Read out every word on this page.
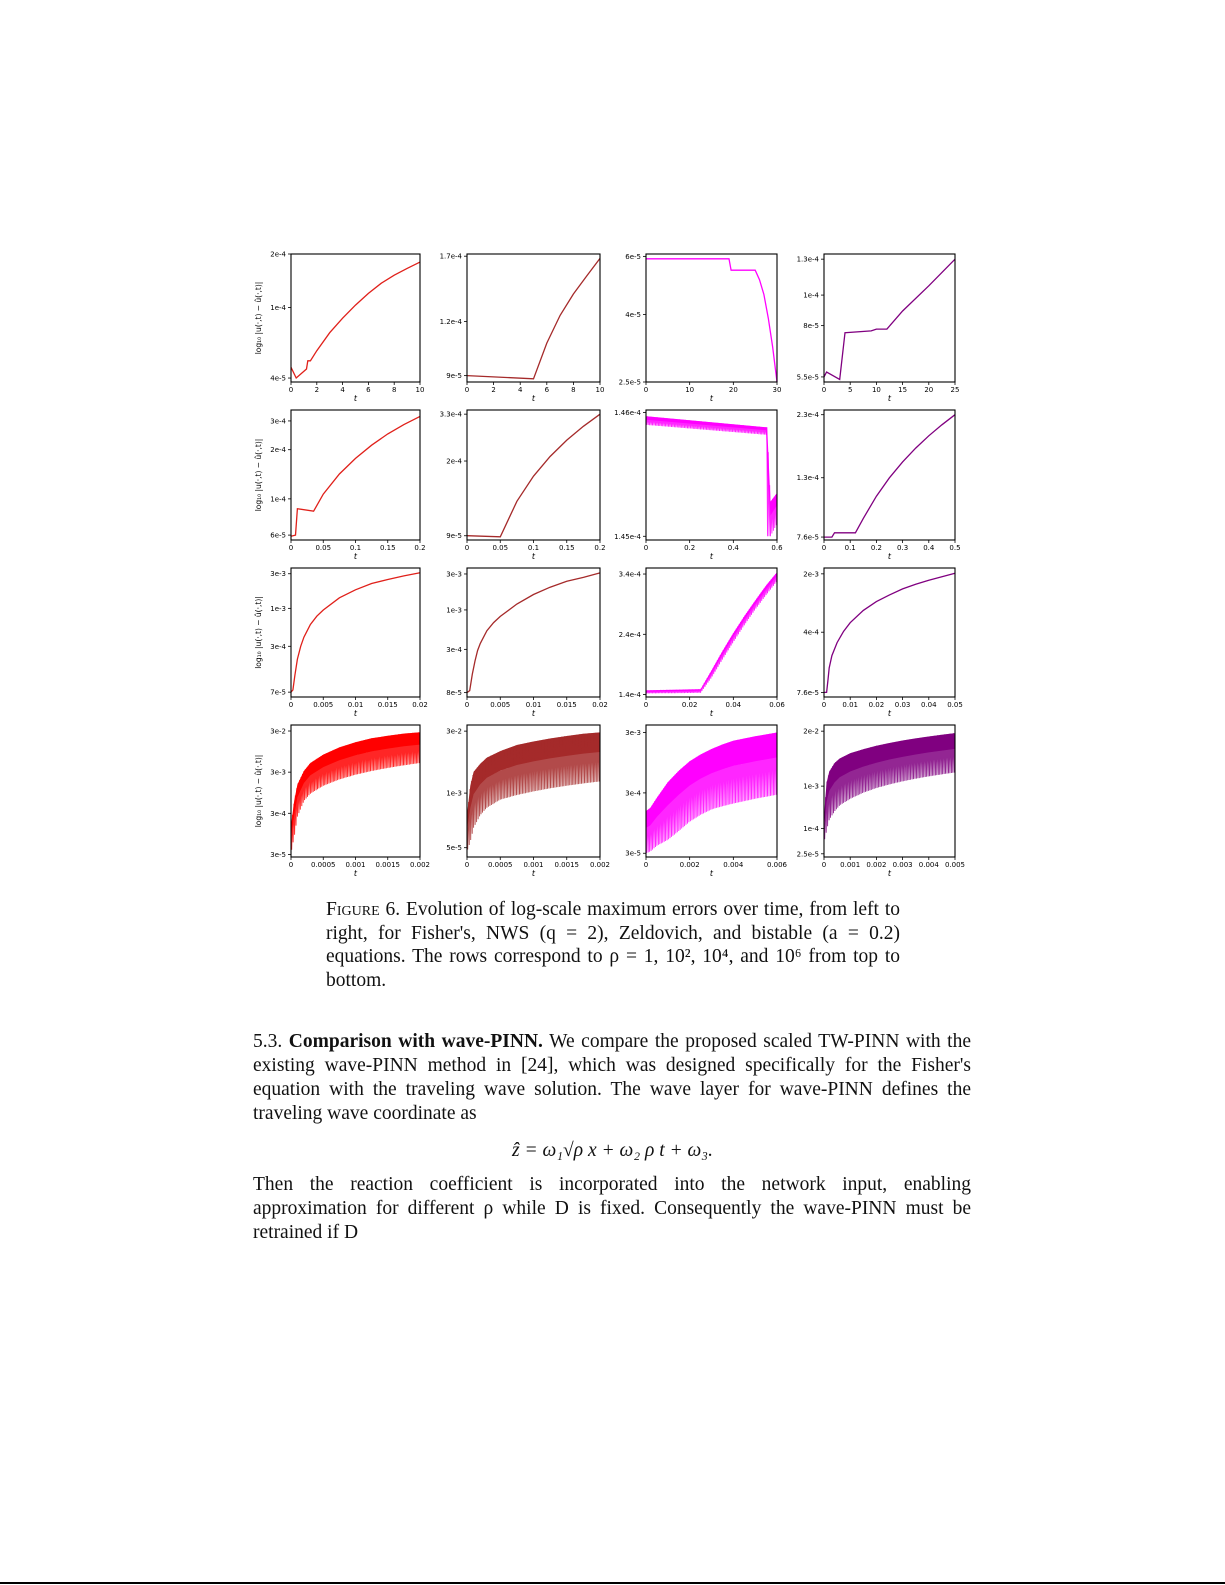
0	2	4	6	8	10
t
4e-5
1e-4
2e-4
log₁₀ |u(·,t) − û(·,t)|
0	2	4	6	8	10
t
9e-5
1.2e-4
1.7e-4
0	10	20	30
t
2.5e-5
4e-5
6e-5
0	5	10 15 20 25
t
5.5e-5
8e-5
1e-4
1.3e-4
0	0.05	0.1	0.15	0.2
t
6e-5
1e-4
2e-4
3e-4
log₁₀ |u(·,t) − û(·,t)|
0	0.05	0.1	0.15	0.2
t
9e-5
2e-4
3.3e-4
0	0.2	0.4	0.6
t
1.45e-4
1.46e-4
0	0.1 0.2 0.3 0.4 0.5
t
7.6e-5
1.3e-4
2.3e-4
0	0.005 0.01 0.015 0.02
t
7e-5
3e-4
1e-3
3e-3
log₁₀ |u(·,t) − û(·,t)|
0	0.005 0.01 0.015 0.02
t
8e-5
3e-4
1e-3
3e-3
0	0.02	0.04	0.06
t
1.4e-4
2.4e-4
3.4e-4
0 0.01 0.02 0.03 0.04 0.05
t
7.6e-5
4e-4
2e-3
0	0.0005 0.001 0.0015 0.002
t
3e-5
3e-4
3e-3
3e-2
log₁₀ |u(·,t) − û(·,t)|
0	0.0005 0.001 0.0015 0.002
t
5e-5
1e-3
3e-2
0	0.002	0.004	0.006
t
3e-5
3e-4
3e-3
0 0.001 0.002 0.003 0.004 0.005
t
2.5e-5
1e-4
1e-3
2e-2
Figure 6. Evolution of log-scale maximum errors over time, from left to right, for Fisher's, NWS (q = 2), Zeldovich, and bistable (a = 0.2) equations. The rows correspond to ρ = 1, 10², 10⁴, and 10⁶ from top to bottom.
5.3. Comparison with wave-PINN. We compare the proposed scaled TW-PINN with the existing wave-PINN method in [24], which was designed specifically for the Fisher's equation with the traveling wave solution. The wave layer for wave-PINN defines the traveling wave coordinate as
ẑ = ω₁√ρ x + ω₂ ρ t + ω₃.
Then the reaction coefficient is incorporated into the network input, enabling approximation for different ρ while D is fixed. Consequently the wave-PINN must be retrained if D
